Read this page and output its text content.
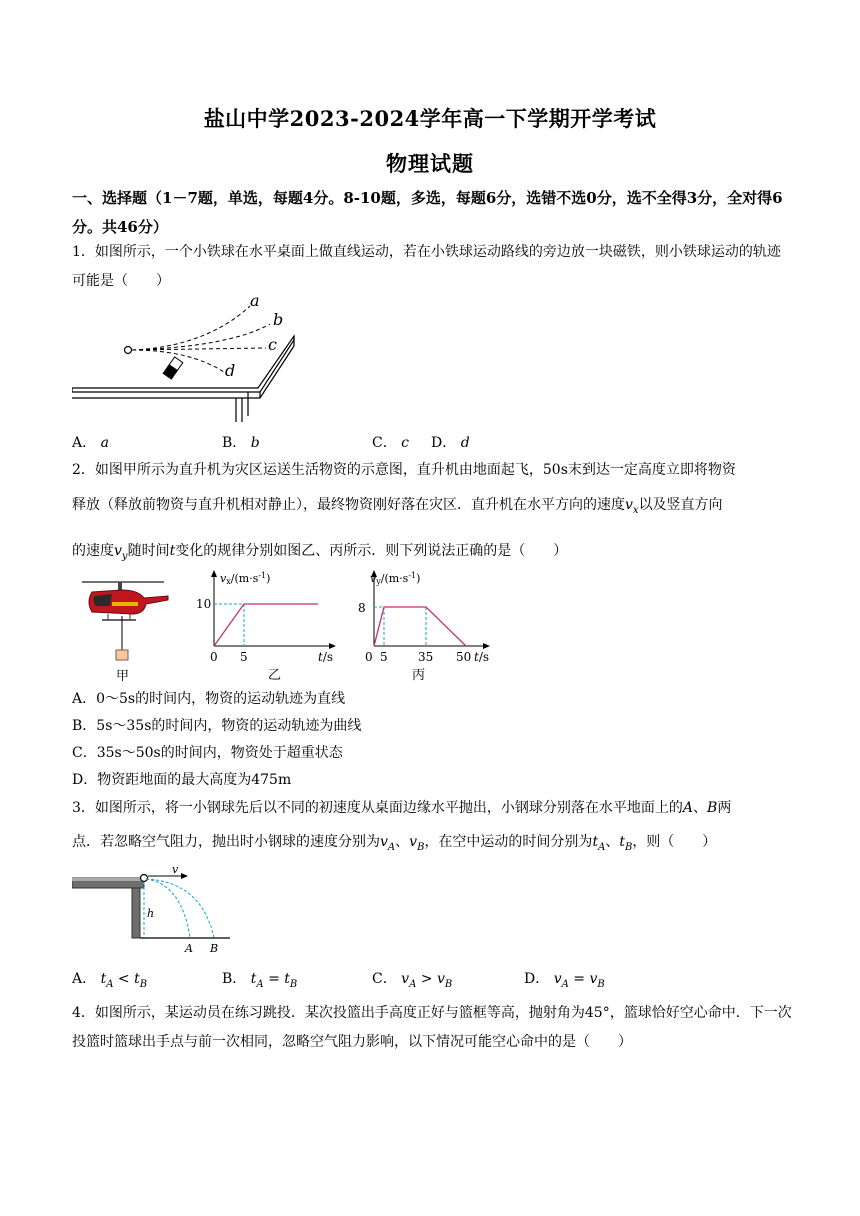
盐山中学2023-2024学年高一下学期开学考试
物理试题
一、选择题（1－7题，单选，每题4分。8-10题，多选，每题6分，选错不选0分，选不全得3分，全对得6分。共46分）
1．如图所示，一个小铁球在水平桌面上做直线运动，若在小铁球运动路线的旁边放一块磁铁，则小铁球运动的轨迹可能是（　　）
a
b
c
d
A． a	B． b	C． c D． d
2．如图甲所示为直升机为灾区运送生活物资的示意图，直升机由地面起飞，50s末到达一定高度立即将物资
释放（释放前物资与直升机相对静止），最终物资刚好落在灾区．直升机在水平方向的速度$v_x$以及竖直方向
的速度$v_y$随时间t变化的规律分别如图乙、丙所示．则下列说法正确的是（　　）
甲
$vx/(m\cdot s^{-1})$
10
0 5	t/s
乙
$vy/(m\cdot s^{-1})$
8
0 5	35 50 t/s
丙
A．0～5s的时间内，物资的运动轨迹为直线
B．5s～35s的时间内，物资的运动轨迹为曲线
C．35s～50s的时间内，物资处于超重状态
D．物资距地面的最大高度为475m
3．如图所示，将一小钢球先后以不同的初速度从桌面边缘水平抛出，小钢球分别落在水平地面上的A、B两
点．若忽略空气阻力，抛出时小钢球的速度分别为$v_A$、$v_B$，在空中运动的时间分别为$t_A$、$t_B$，则（　　）
v
h
A B
A． $t_A < t_B$	B． $t_A = t_B$	C． $v_A > v_B$	D． $v_A = v_B$
4．如图所示，某运动员在练习跳投．某次投篮出手高度正好与篮框等高，抛射角为45°，篮球恰好空心命中．下一次投篮时篮球出手点与前一次相同，忽略空气阻力影响，以下情况可能空心命中的是（　　）
